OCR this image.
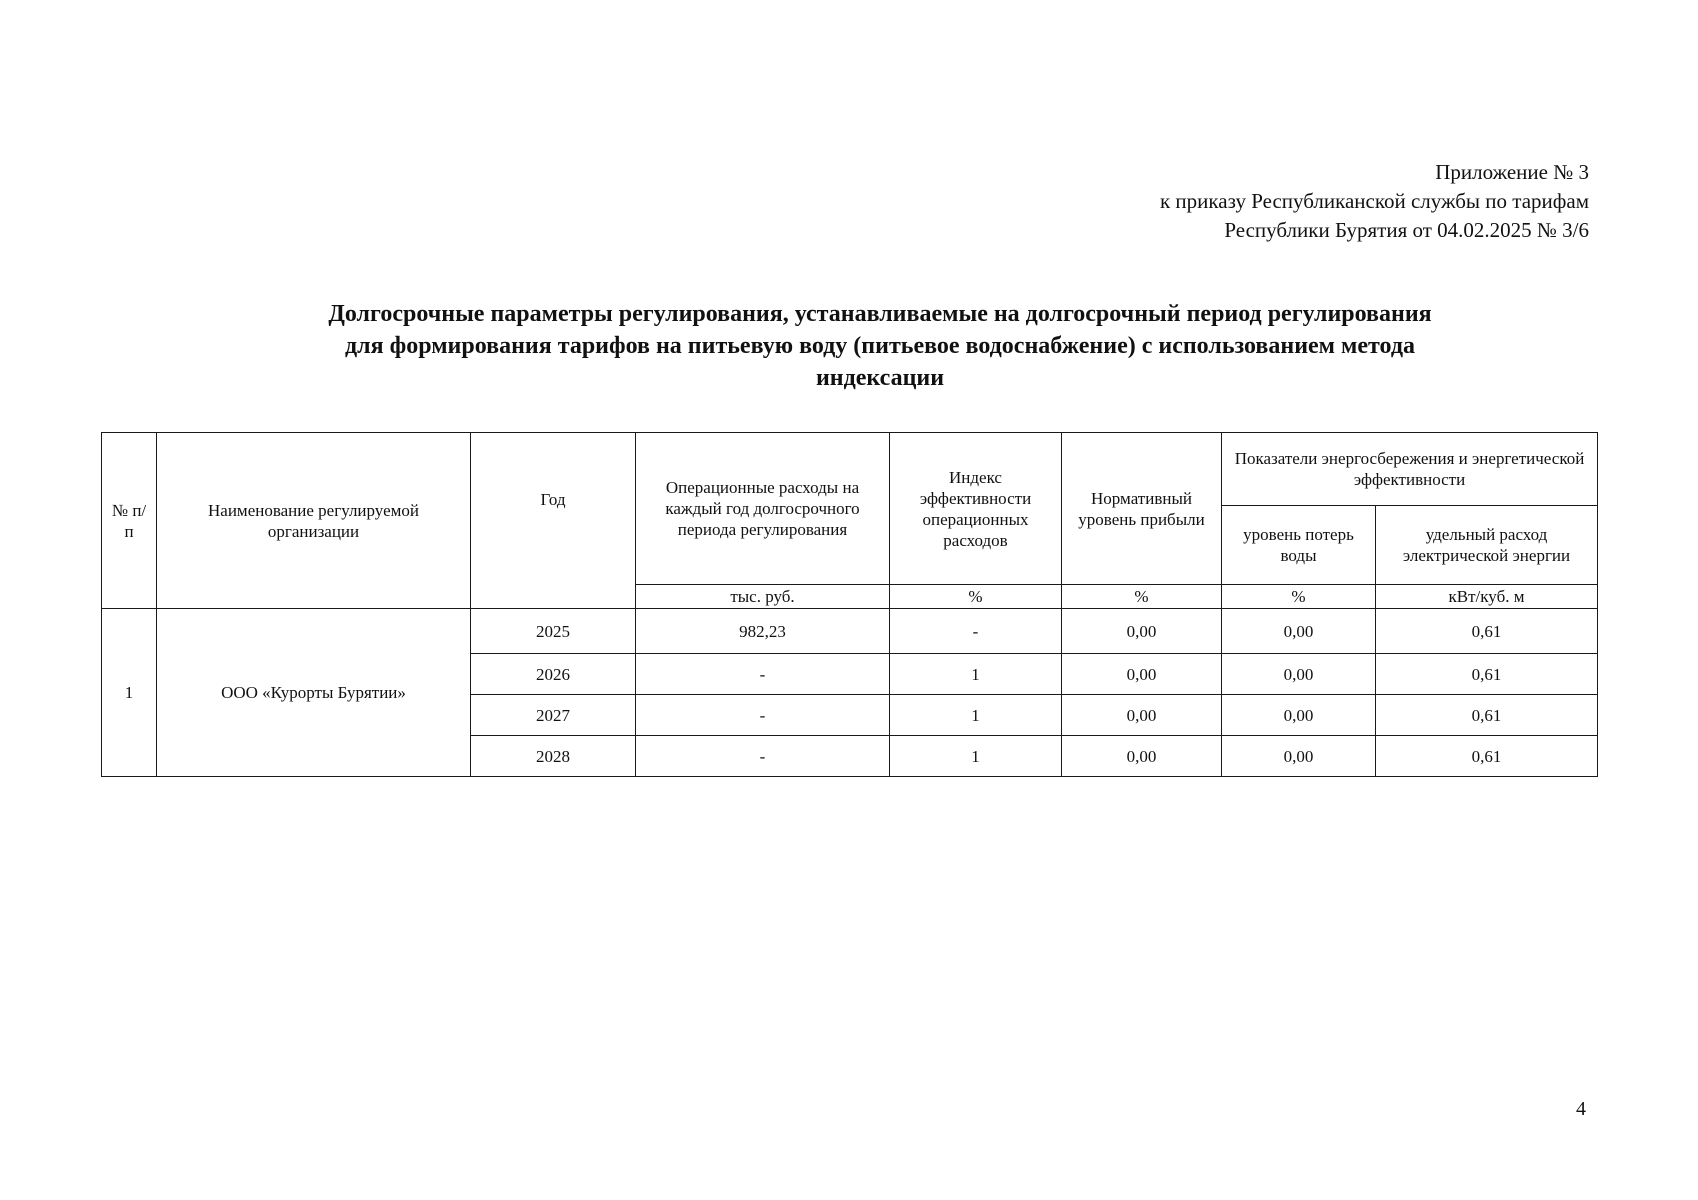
Приложение № 3
к приказу Республиканской службы по тарифам
Республики Бурятия от 04.02.2025 № 3/6
Долгосрочные параметры регулирования, устанавливаемые на долгосрочный период регулирования
для формирования тарифов на питьевую воду (питьевое водоснабжение) с использованием метода
индексации
№ п/п	Наименование регулируемой организации	Год	Операционные расходы на каждый год долгосрочного периода регулирования	Индекс эффективности операционных расходов	Нормативный уровень прибыли	Показатели энергосбережения и энергетической эффективности	
						уровень потерь воды	удельный расход электрической энергии
			тыс. руб.	%	%	%	кВт/куб. м
1	ООО «Курорты Бурятии»	2025	982,23	-	0,00	0,00	0,61
		2026	-	1	0,00	0,00	0,61
		2027	-	1	0,00	0,00	0,61
		2028	-	1	0,00	0,00	0,61
4
